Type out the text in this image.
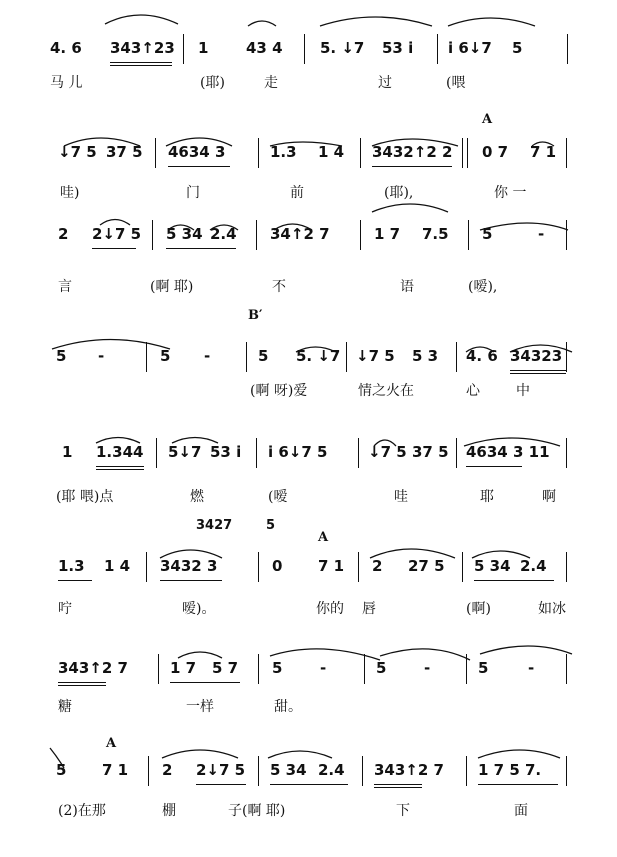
4. 6 343↑23 1	43 4 5. ↓7 53 i i 6↓7 5
马 儿	(耶)	走	过	(喂
A
↓7 5 37 5 4634 3	1.3 1 4 3432↑2 2 0 7 7 1
哇)	门	前	(耶),	你 一
2 2↓7 5 5 34 2.4 34↑2 7	1 7 7.5 5	-
言	(啊 耶)	不	语	(嗳),
B′
5 -	5 -	5 5. ↓7 ↓7 5 5 3 4. 6 34323
(啊 呀)爱	情之火在	心	中
1 1.344 5↓7 53 i i 6↓7 5	↓7 5 37 5 4634 3 11
(耶 喂)点	燃	(嗳	哇	耶	啊
3427	5
A
1.3 1 4 3432 3	0 7 1 2 27 5 5 34 2.4
咛	嗳)。	你的 唇	(啊)	如冰
343↑2 7	1 7 5 7 5	-	5	-	5	-
糖	一样	甜。
A
5 7 1 2 2↓7 5 5 34 2.4 343↑2 7 1 7 5 7.
(2)在那	棚	子(啊 耶)	下	面
